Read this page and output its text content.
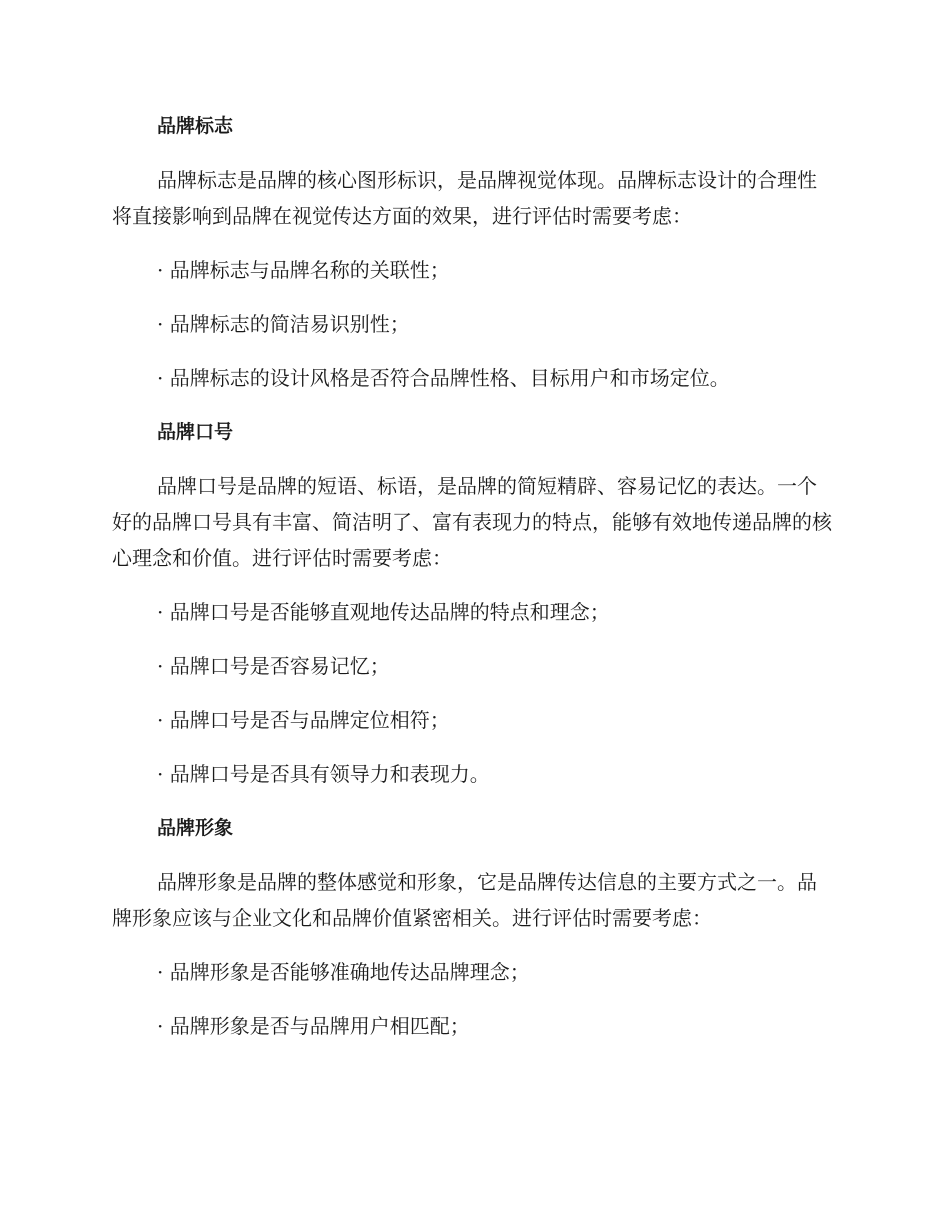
品牌标志

品牌标志是品牌的核心图形标识，是品牌视觉体现。品牌标志设计的合理性将直接影响到品牌在视觉传达方面的效果，进行评估时需要考虑：

· 品牌标志与品牌名称的关联性；
· 品牌标志的简洁易识别性；
· 品牌标志的设计风格是否符合品牌性格、目标用户和市场定位。
品牌口号

品牌口号是品牌的短语、标语，是品牌的简短精辟、容易记忆的表达。一个好的品牌口号具有丰富、简洁明了、富有表现力的特点，能够有效地传递品牌的核心理念和价值。进行评估时需要考虑：

· 品牌口号是否能够直观地传达品牌的特点和理念；
· 品牌口号是否容易记忆；
· 品牌口号是否与品牌定位相符；
· 品牌口号是否具有领导力和表现力。
品牌形象

品牌形象是品牌的整体感觉和形象，它是品牌传达信息的主要方式之一。品牌形象应该与企业文化和品牌价值紧密相关。进行评估时需要考虑：

· 品牌形象是否能够准确地传达品牌理念；
· 品牌形象是否与品牌用户相匹配；
